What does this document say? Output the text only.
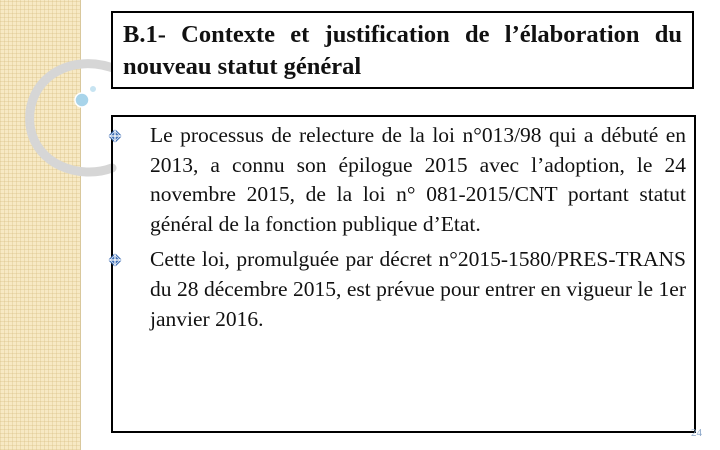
B.1- Contexte et justification de l’élaboration du nouveau statut général
Le processus de relecture de la loi n°013/98 qui a débuté en 2013, a connu son épilogue 2015 avec l’adoption, le 24 novembre 2015, de la loi n° 081-2015/CNT portant statut général de la fonction publique d’Etat.
Cette loi, promulguée par décret n°2015-1580/PRES-TRANS du 28 décembre 2015, est prévue pour entrer en vigueur le 1er janvier 2016.
24
